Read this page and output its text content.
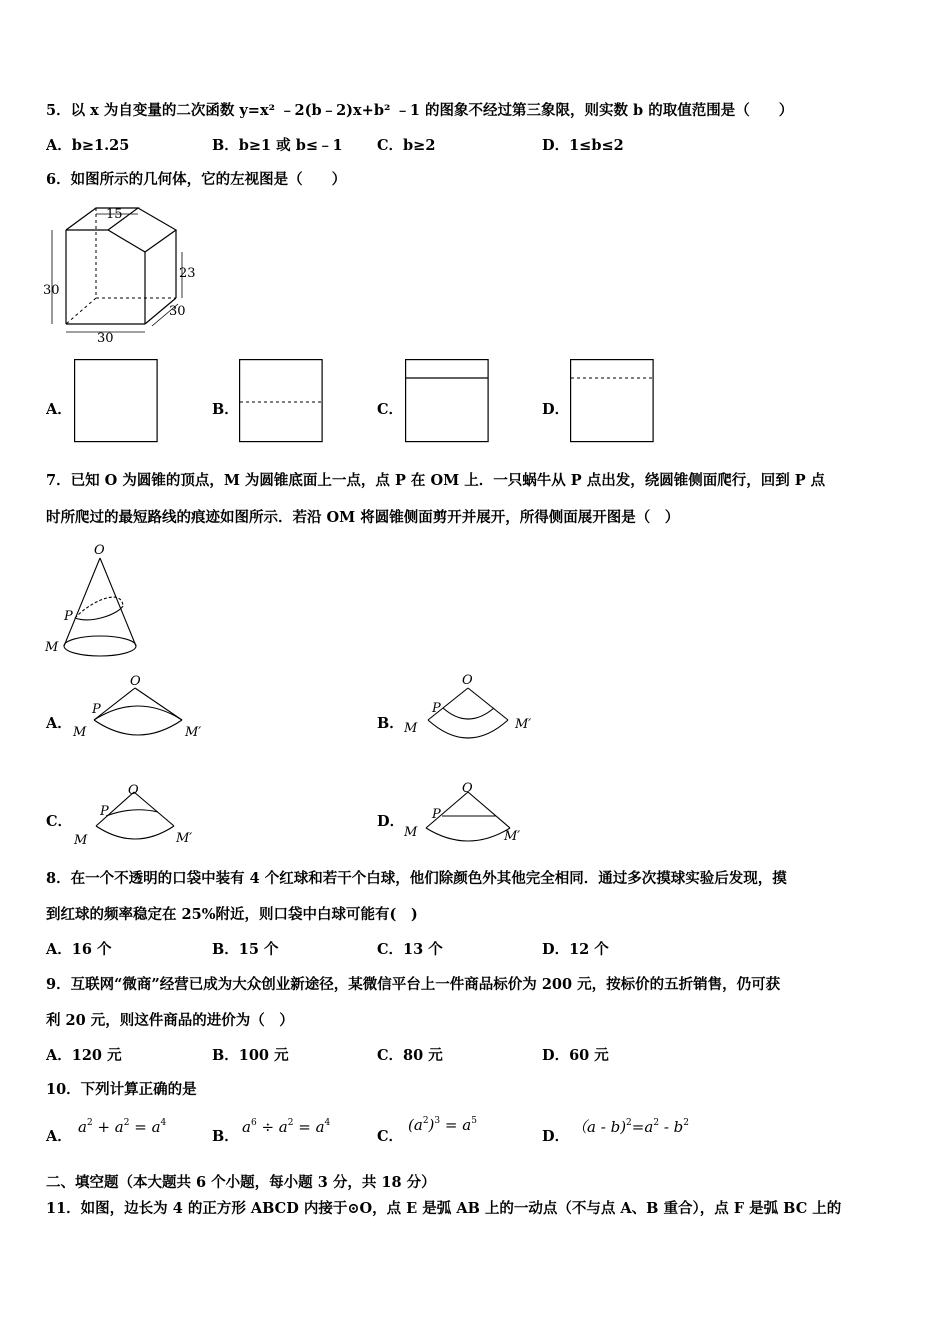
5．以 x 为自变量的二次函数 y=x² ﹣2(b﹣2)x+b² ﹣1 的图象不经过第三象限，则实数 b 的取值范围是（　　）
A．b≥1.25	B．b≥1 或 b≤﹣1 C．b≥2	D．1≤b≤2
6．如图所示的几何体，它的左视图是（　　）
15
23
30
30
30
A．	B．	C．	D．
7．已知 O 为圆锥的顶点，M 为圆锥底面上一点，点 P 在 OM 上．一只蜗牛从 P 点出发，绕圆锥侧面爬行，回到 P 点
时所爬过的最短路线的痕迹如图所示．若沿 OM 将圆锥侧面剪开并展开，所得侧面展开图是（　）
O
P
M
A．
O
P
M	M′
B．
O
P
M	M′
C．
O
P
M	M′
D．
O
P
M	M′
8．在一个不透明的口袋中装有 4 个红球和若干个白球，他们除颜色外其他完全相同．通过多次摸球实验后发现，摸
到红球的频率稳定在 25%附近，则口袋中白球可能有(　)
A．16 个	B．15 个	C．13 个	D．12 个
9．互联网“微商”经营已成为大众创业新途径，某微信平台上一件商品标价为 200 元，按标价的五折销售，仍可获
利 20 元，则这件商品的进价为（　）
A．120 元	B．100 元	C．80 元	D．60 元
10．下列计算正确的是
A．
$a^2 + a^2 = a^4$
B．
$a^6 \div a^2 = a^4$
C．
$(a^2)^3 = a^5$
D．
$(a - b)^2=a^2 - b^2$
二、填空题（本大题共 6 个小题，每小题 3 分，共 18 分）
11．如图，边长为 4 的正方形 ABCD 内接于⊙O，点 E 是弧 AB 上的一动点（不与点 A、B 重合），点 F 是弧 BC 上的
